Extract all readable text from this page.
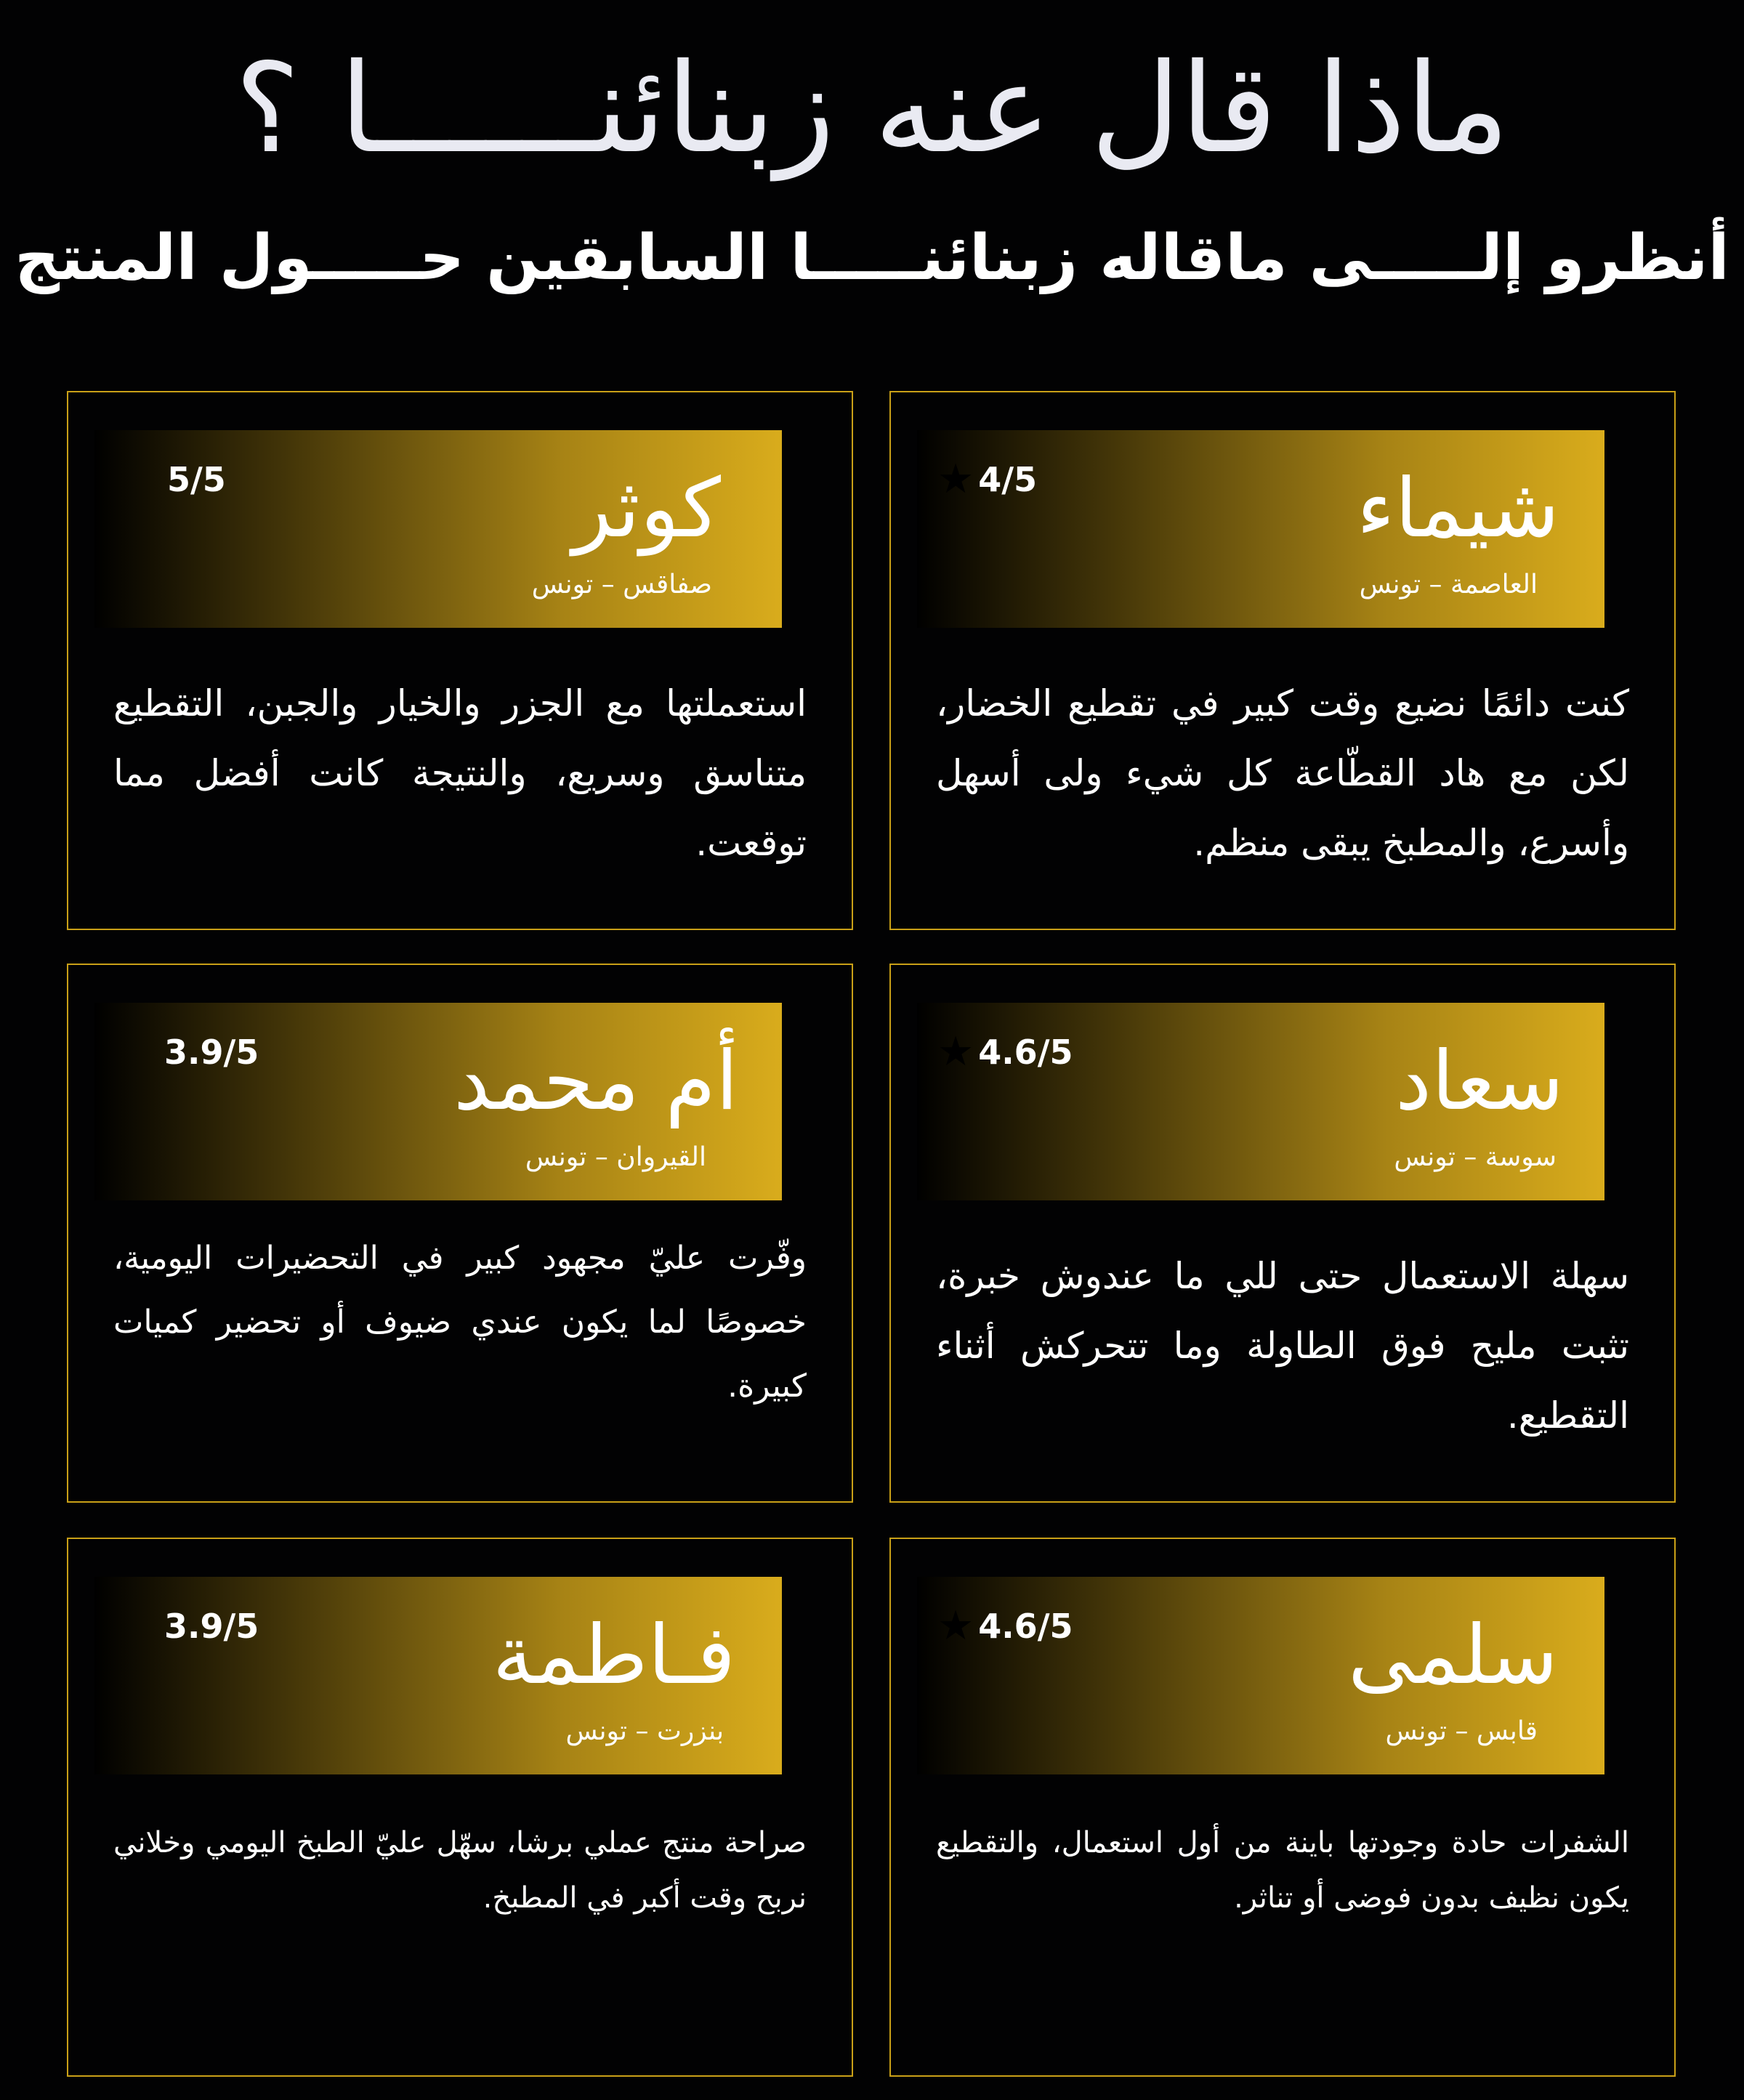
ماذا قال عنه زبنائنــــــا ؟
أنظرو إلـــــى ماقاله زبنائنـــــا السابقين حـــــول المنتج
شيماء
العاصمة – تونس
★ 4/5

كنت دائمًا نضيع وقت كبير في تقطيع الخضار، لكن مع هاد القطّاعة كل شيء ولى أسهل وأسرع، والمطبخ يبقى منظم.

كوثر
صفاقس – تونس
5/5

استعملتها مع الجزر والخيار والجبن، التقطيع متناسق وسريع، والنتيجة كانت أفضل مما توقعت.

سعاد
سوسة – تونس
★ 4.6/5

سهلة الاستعمال حتى للي ما عندوش خبرة، تثبت مليح فوق الطاولة وما تتحركش أثناء التقطيع.

أم محمد
القيروان – تونس
3.9/5

وفّرت عليّ مجهود كبير في التحضيرات اليومية، خصوصًا لما يكون عندي ضيوف أو تحضير كميات كبيرة.

سلمى
قابس – تونس
★ 4.6/5

الشفرات حادة وجودتها باينة من أول استعمال، والتقطيع يكون نظيف بدون فوضى أو تناثر.

فـاطمة
بنزرت – تونس
3.9/5

صراحة منتج عملي برشا، سهّل عليّ الطبخ اليومي وخلاني نربح وقت أكبر في المطبخ.
